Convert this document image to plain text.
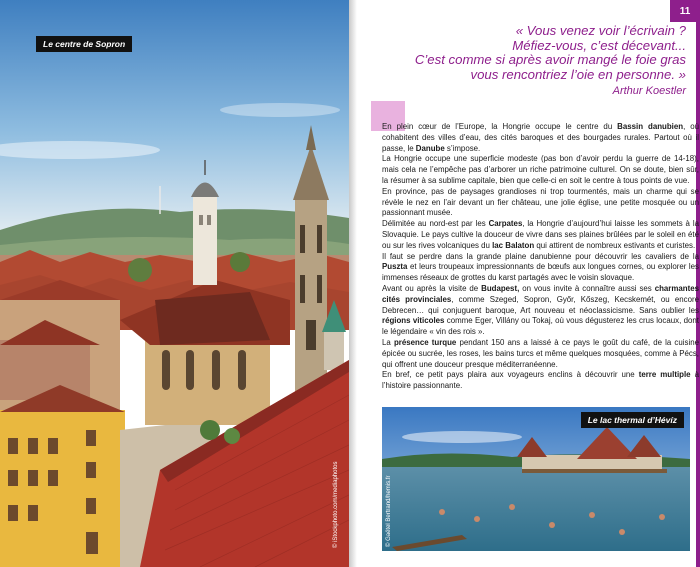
Le centre de Sopron
© iStockphoto.com/mediaphotos
11
« Vous venez voir l’écrivain ?
Méfiez-vous, c’est décevant...
C’est comme si après avoir mangé le foie gras
vous rencontriez l’oie en personne. »
Arthur Koestler

En plein cœur de l’Europe, la Hongrie occupe le centre du Bassin danubien, où cohabitent des villes d’eau, des cités baroques et des bourgades rurales. Partout où il passe, le Danube s’impose.

La Hongrie occupe une superficie modeste (pas bon d’avoir perdu la guerre de 14-18), mais cela ne l’empêche pas d’arborer un riche patrimoine culturel. On se doute, bien sûr, la résumer à sa sublime capitale, bien que celle-ci en soit le centre à tous points de vue.

En province, pas de paysages grandioses ni trop tourmentés, mais un charme qui se révèle le nez en l’air devant un fier château, une jolie église, une petite mosquée ou un passionnant musée.

Délimitée au nord-est par les Carpates, la Hongrie d’aujourd’hui laisse les sommets à la Slovaquie. Le pays cultive la douceur de vivre dans ses plaines brûlées par le soleil en été ou sur les rives volcaniques du lac Balaton qui attirent de nombreux estivants et curistes.

Il faut se perdre dans la grande plaine danubienne pour découvrir les cavaliers de la Puszta et leurs troupeaux impressionnants de bœufs aux longues cornes, ou explorer les immenses réseaux de grottes du karst partagés avec le voisin slovaque.

Avant ou après la visite de Budapest, on vous invite à connaître aussi ses charmantes cités provinciales, comme Szeged, Sopron, Győr, Kőszeg, Kecskemét, ou encore Debrecen… qui conjuguent baroque, Art nouveau et néoclassicisme. Sans oublier les régions viticoles comme Eger, Villány ou Tokaj, où vous dégusterez les crus locaux, dont le légendaire « vin des rois ».

La présence turque pendant 150 ans a laissé à ce pays le goût du café, de la cuisine épicée ou sucrée, les roses, les bains turcs et même quelques mosquées, comme à Pécs, qui offrent une douceur presque méditerranéenne.

En bref, ce petit pays plaira aux voyageurs enclins à découvrir une terre multiple à l’histoire passionnante.

Le lac thermal d’Hévíz
© Gaëtel Bertrand/hemis.fr
